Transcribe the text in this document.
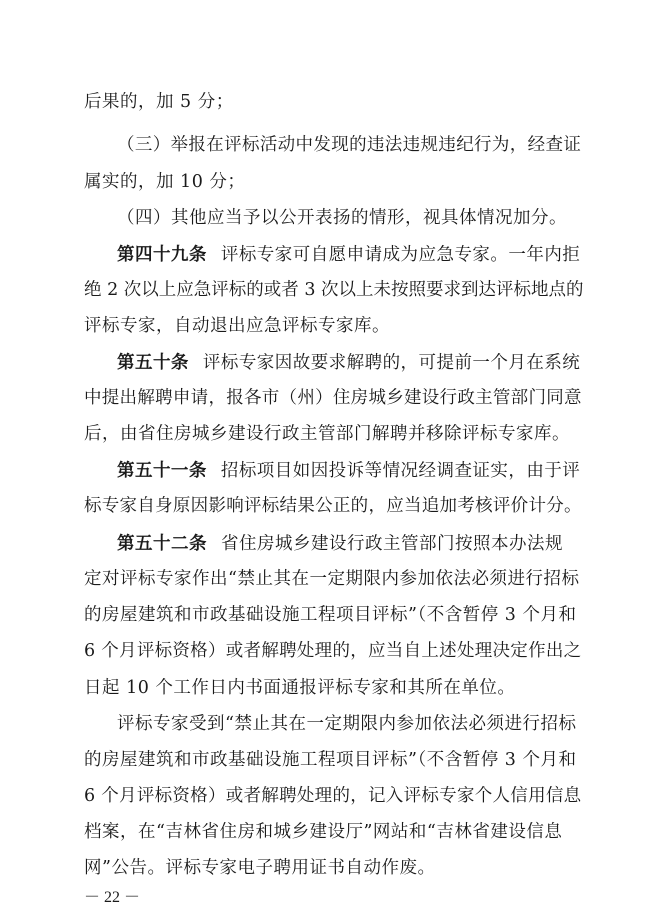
后果的，加 5 分；
（三）举报在评标活动中发现的违法违规违纪行为，经查证
属实的，加 10 分；
（四）其他应当予以公开表扬的情形，视具体情况加分。
第四十九条 评标专家可自愿申请成为应急专家。一年内拒
绝 2 次以上应急评标的或者 3 次以上未按照要求到达评标地点的
评标专家，自动退出应急评标专家库。
第五十条 评标专家因故要求解聘的，可提前一个月在系统
中提出解聘申请，报各市（州）住房城乡建设行政主管部门同意
后，由省住房城乡建设行政主管部门解聘并移除评标专家库。
第五十一条 招标项目如因投诉等情况经调查证实，由于评
标专家自身原因影响评标结果公正的，应当追加考核评价计分。
第五十二条 省住房城乡建设行政主管部门按照本办法规
定对评标专家作出“禁止其在一定期限内参加依法必须进行招标
的房屋建筑和市政基础设施工程项目评标”（不含暂停 3 个月和
6 个月评标资格）或者解聘处理的，应当自上述处理决定作出之
日起 10 个工作日内书面通报评标专家和其所在单位。
评标专家受到“禁止其在一定期限内参加依法必须进行招标
的房屋建筑和市政基础设施工程项目评标”（不含暂停 3 个月和
6 个月评标资格）或者解聘处理的，记入评标专家个人信用信息
档案，在“吉林省住房和城乡建设厅”网站和“吉林省建设信息
网”公告。评标专家电子聘用证书自动作废。
－ 22 －
